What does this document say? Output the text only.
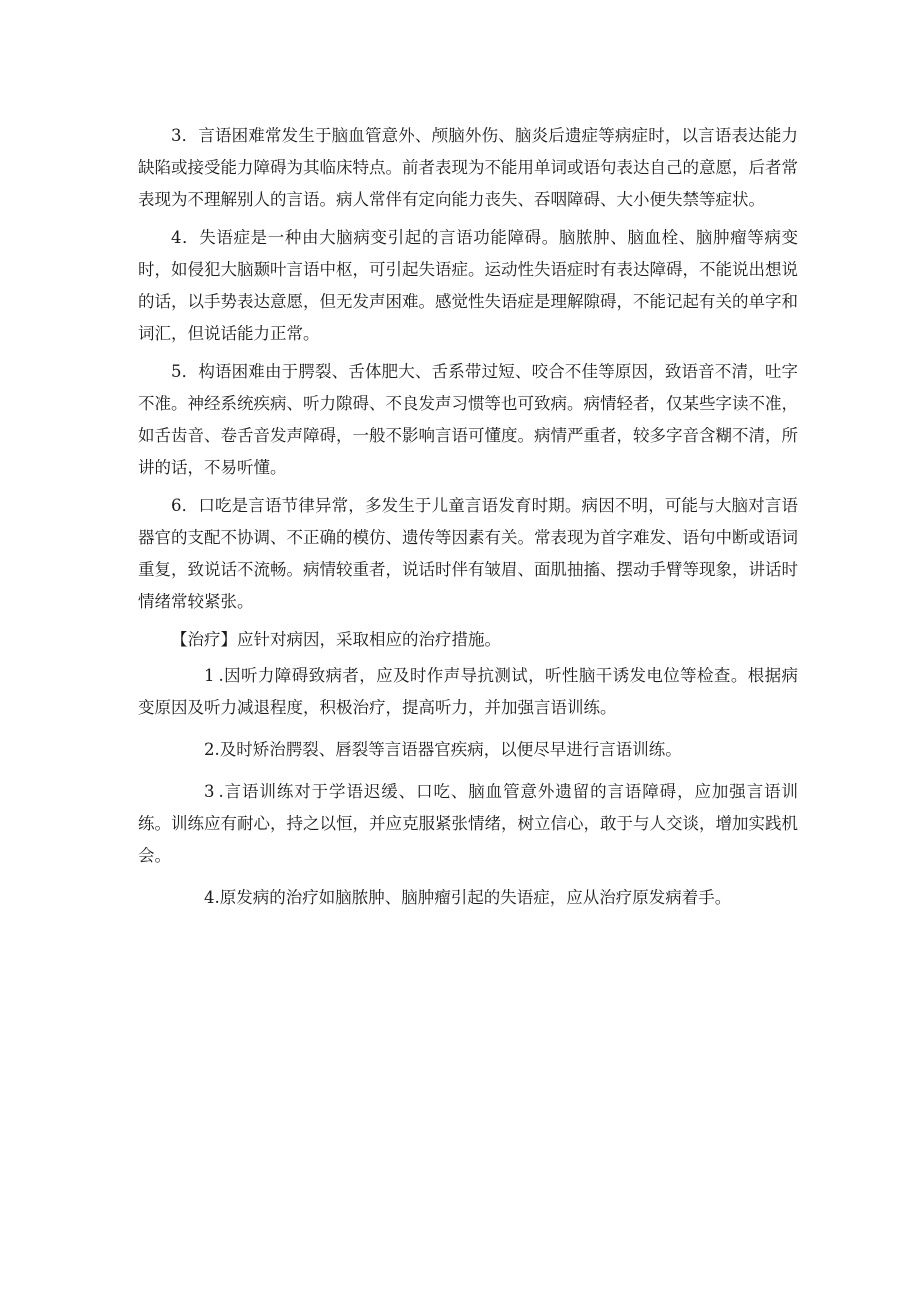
3．言语困难常发生于脑血管意外、颅脑外伤、脑炎后遗症等病症时，以言语表达能力缺陷或接受能力障碍为其临床特点。前者表现为不能用单词或语句表达自己的意愿，后者常表现为不理解别人的言语。病人常伴有定向能力丧失、吞咽障碍、大小便失禁等症状。

4．失语症是一种由大脑病变引起的言语功能障碍。脑脓肿、脑血栓、脑肿瘤等病变时，如侵犯大脑颞叶言语中枢，可引起失语症。运动性失语症时有表达障碍，不能说出想说的话，以手势表达意愿，但无发声困难。感觉性失语症是理解隙碍，不能记起有关的单字和词汇，但说话能力正常。

5．构语困难由于腭裂、舌体肥大、舌系带过短、咬合不佳等原因，致语音不清，吐字不准。神经系统疾病、听力隙碍、不良发声习惯等也可致病。病情轻者，仅某些字读不准，如舌齿音、卷舌音发声障碍，一般不影响言语可懂度。病情严重者，较多字音含糊不清，所讲的话，不易听懂。

6．口吃是言语节律异常，多发生于儿童言语发育时期。病因不明，可能与大脑对言语器官的支配不协调、不正确的模仿、遗传等因素有关。常表现为首字难发、语句中断或语词重复，致说话不流畅。病情较重者，说话时伴有皱眉、面肌抽搐、摆动手臂等现象，讲话时情绪常较紧张。

【治疗】应针对病因，采取相应的治疗措施。

1 .因听力障碍致病者，应及时作声导抗测试，听性脑干诱发电位等检查。根据病变原因及听力减退程度，积极治疗，提高听力，并加强言语训练。

2.及时矫治腭裂、唇裂等言语器官疾病，以便尽早进行言语训练。

3 .言语训练对于学语迟缓、口吃、脑血管意外遗留的言语障碍，应加强言语训练。训练应有耐心，持之以恒，并应克服紧张情绪，树立信心，敢于与人交谈，增加实践机会。

4.原发病的治疗如脑脓肿、脑肿瘤引起的失语症，应从治疗原发病着手。
